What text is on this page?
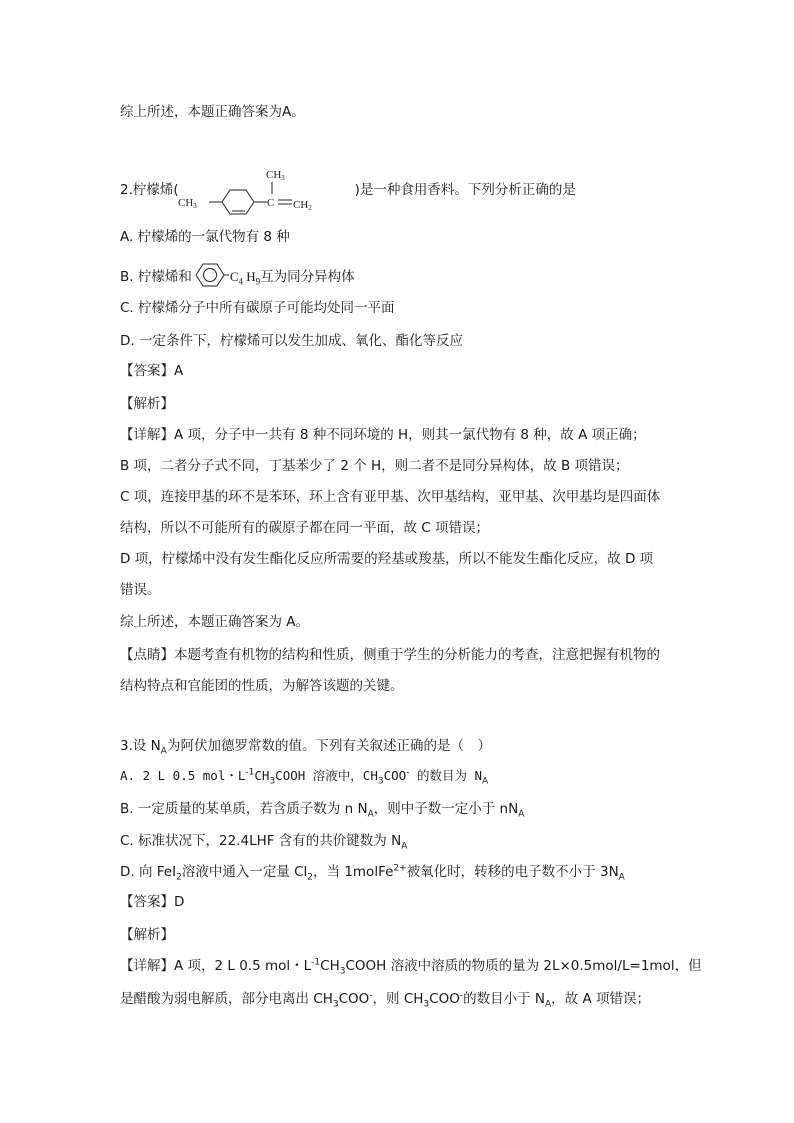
综上所述，本题正确答案为A。
2.柠檬烯(	)是一种食用香料。下列分析正确的是
CH3	C
CH3
CH2
A. 柠檬烯的一氯代物有 8 种
B. 柠檬烯和	$C_4$ $H_9$互为同分异构体
C. 柠檬烯分子中所有碳原子可能均处同一平面
D. 一定条件下，柠檬烯可以发生加成、氧化、酯化等反应
【答案】A
【解析】
【详解】A 项，分子中一共有 8 种不同环境的 H，则其一氯代物有 8 种，故 A 项正确；
B 项，二者分子式不同，丁基苯少了 2 个 H，则二者不是同分异构体，故 B 项错误；
C 项，连接甲基的环不是苯环，环上含有亚甲基、次甲基结构，亚甲基、次甲基均是四面体
结构，所以不可能所有的碳原子都在同一平面，故 C 项错误；
D 项，柠檬烯中没有发生酯化反应所需要的羟基或羧基，所以不能发生酯化反应，故 D 项
错误。
综上所述，本题正确答案为 A。
【点睛】本题考查有机物的结构和性质，侧重于学生的分析能力的考查，注意把握有机物的
结构特点和官能团的性质，为解答该题的关键。
3.设 $N_A$为阿伏加德罗常数的值。下列有关叙述正确的是（　）
A. 2 L 0.5 mol・$L^{-1}CH_3COOH$ 溶液中，$CH_3COO^-$ 的数目为 $N_A$
B. 一定质量的某单质，若含质子数为 n $N_A$，则中子数一定小于 $nN_A$
C. 标准状况下，22.4LHF 含有的共价键数为 $N_A$
D. 向 FeI$_2$溶液中通入一定量 $Cl_2$，当 1molFe$^{2+}$被氧化时，转移的电子数不小于 $3N_A$
【答案】D
【解析】
【详解】A 项，2 L 0.5 mol・$L^{-1}CH_3COOH$ 溶液中溶质的物质的量为 2L×0.5mol/L=1mol，但
是醋酸为弱电解质，部分电离出 $CH_3COO^-$，则 $CH_3COO^-$的数目小于 $N_A$，故 A 项错误；
